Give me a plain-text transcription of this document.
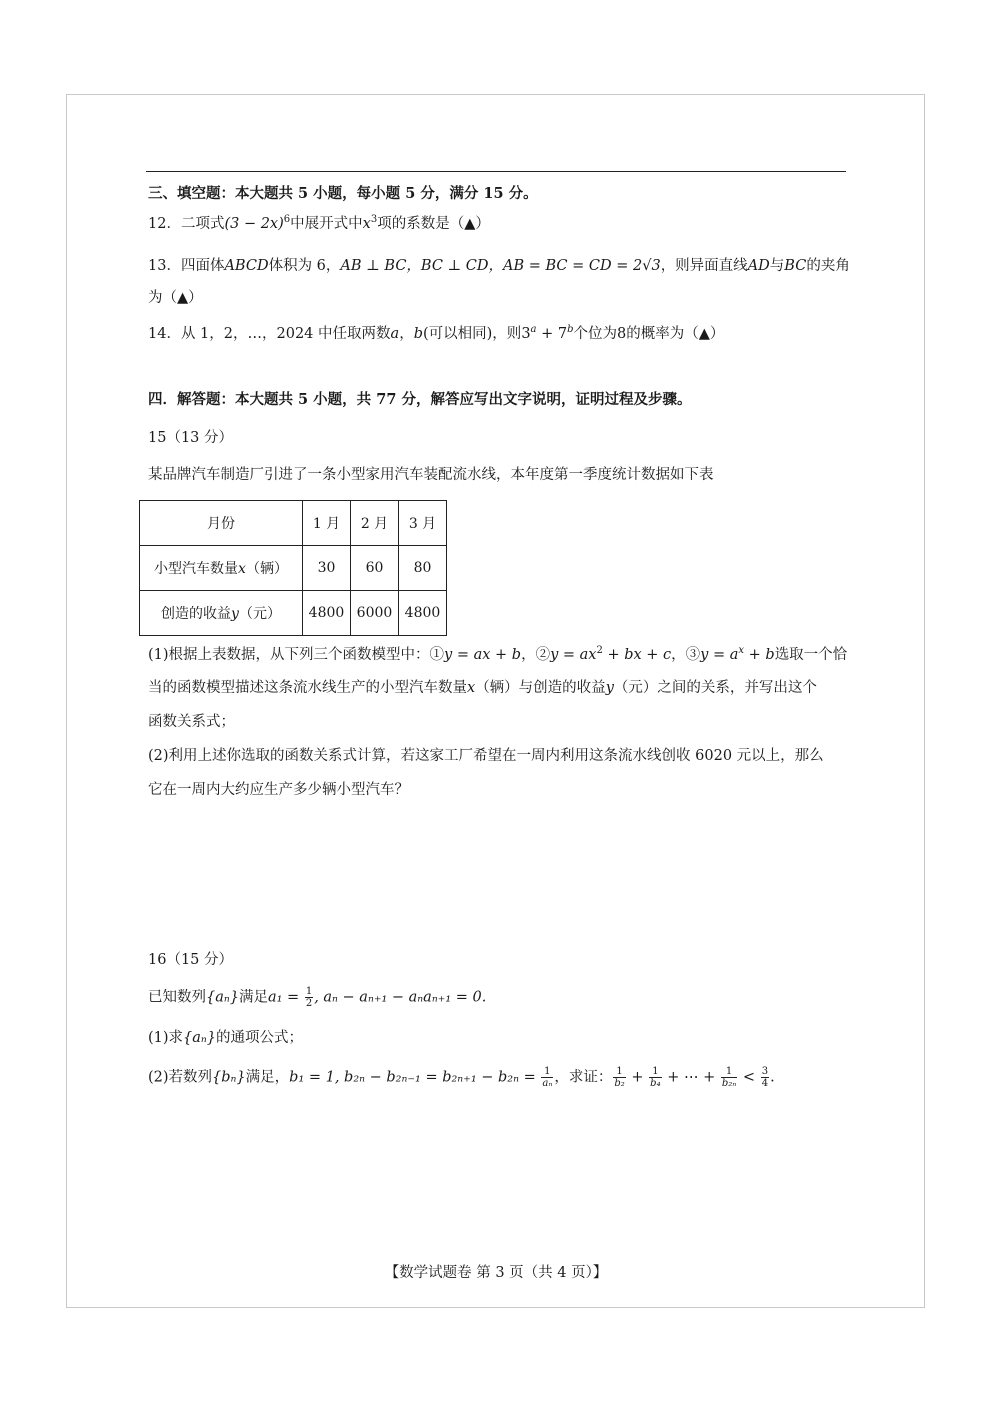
三、填空题：本大题共 5 小题，每小题 5 分，满分 15 分。
12．二项式$(3 - 2x)^6$中展开式中$x^3$项的系数是（▲）
13．四面体ABCD体积为 6，AB ⊥ BC，BC ⊥ CD，AB = BC = CD = 2√3，则异面直线AD与BC的夹角
为（▲）
14．从 1，2，…，2024 中任取两数a，b(可以相同)，则$3^a + 7^b$个位为8的概率为（▲）
四．解答题：本大题共 5 小题，共 77 分，解答应写出文字说明，证明过程及步骤。
15（13 分）
某品牌汽车制造厂引进了一条小型家用汽车装配流水线，本年度第一季度统计数据如下表
月份	1 月	2 月	3 月
小型汽车数量x（辆）	30	60	80
创造的收益y（元）	4800	6000	4800
(1)根据上表数据，从下列三个函数模型中：①y = ax + b，②y = $ax^2$ + bx + c，③y = $a^x + b$选取一个恰
当的函数模型描述这条流水线生产的小型汽车数量x（辆）与创造的收益y（元）之间的关系，并写出这个
函数关系式；
(2)利用上述你选取的函数关系式计算，若这家工厂希望在一周内利用这条流水线创收 6020 元以上，那么
它在一周内大约应生产多少辆小型汽车？
16（15 分）
已知数列{aₙ}满足$a_1 = \frac{1}{2}$ , aₙ − aₙ₊₁ − aₙaₙ₊₁ = 0.
(1)求{aₙ}的通项公式；
(2)若数列{bₙ}满足，b₁ = 1, $b_{2n} - b_{2n-1} = b_{2n+1} - b_{2n} = \frac{1}{\text{aₙ}}$ ，求证： $\frac{1}{\text{b₂}} + \frac{1}{\text{b₄}}$ + ⋯ + $\frac{1}{\text{b₂ₙ}} < \frac{3}{4}$ .
【数学试题卷 第 3 页（共 4 页）】
